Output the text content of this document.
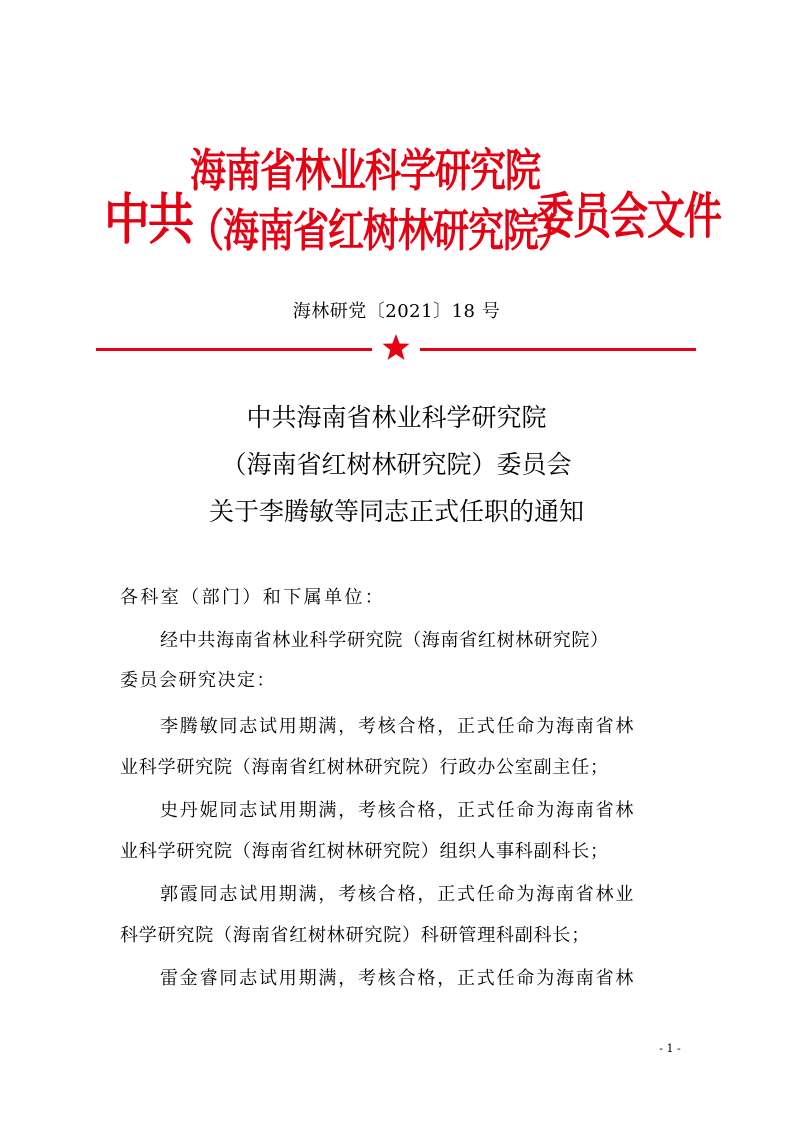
中共
海南省林业科学研究院
（海南省红树林研究院）
委员会文件
海林研党〔2021〕18 号
中共海南省林业科学研究院
（海南省红树林研究院）委员会
关于李腾敏等同志正式任职的通知
各科室（部门）和下属单位：
经中共海南省林业科学研究院（海南省红树林研究院）
委员会研究决定：
李腾敏同志试用期满，考核合格，正式任命为海南省林
业科学研究院（海南省红树林研究院）行政办公室副主任；
史丹妮同志试用期满，考核合格，正式任命为海南省林
业科学研究院（海南省红树林研究院）组织人事科副科长；
郭霞同志试用期满，考核合格，正式任命为海南省林业
科学研究院（海南省红树林研究院）科研管理科副科长；
雷金睿同志试用期满，考核合格，正式任命为海南省林
- 1 -
